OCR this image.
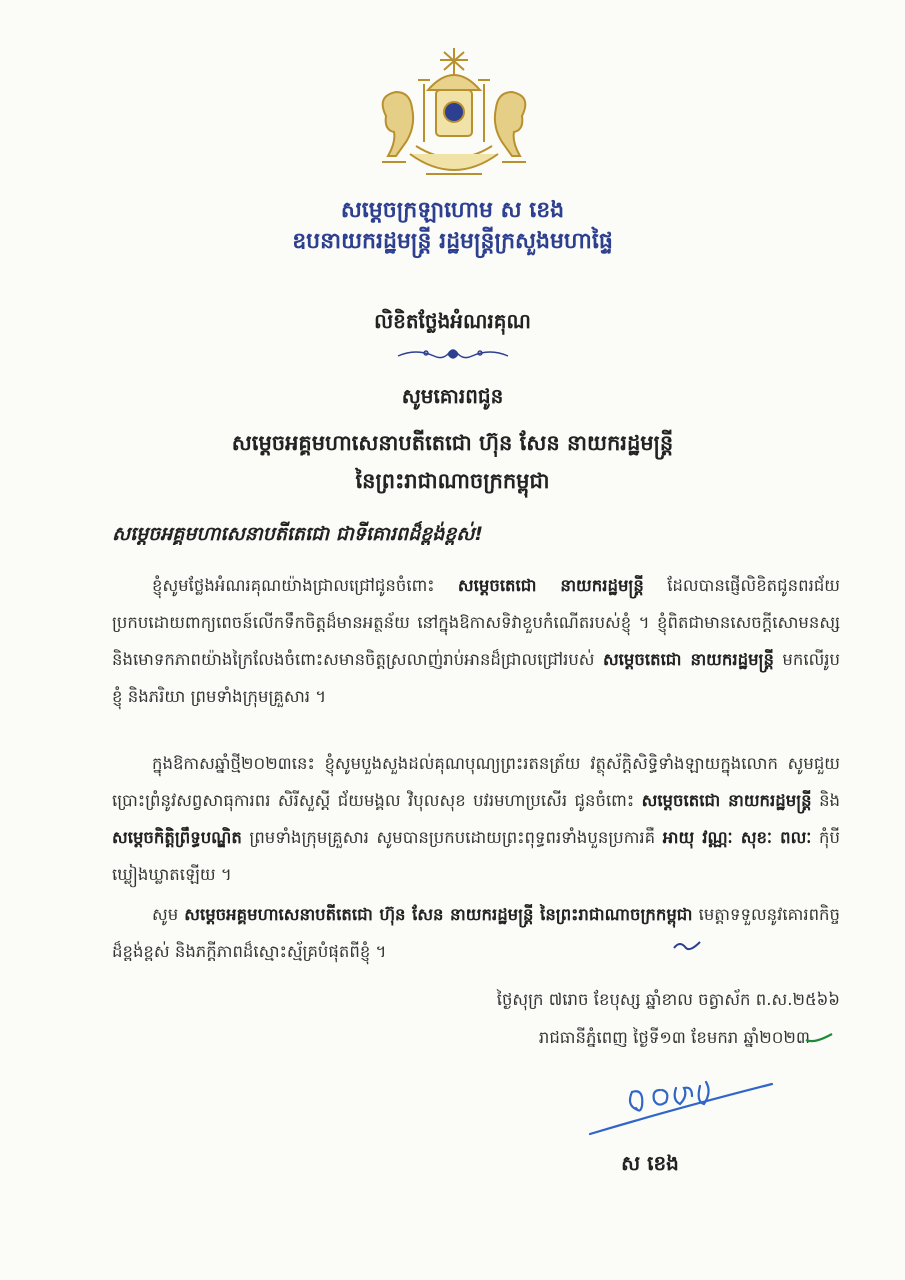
សម្តេចក្រឡាហោម ស ខេង
ឧបនាយករដ្ឋមន្ត្រី រដ្ឋមន្ត្រីក្រសួងមហាផ្ទៃ
លិខិតថ្លែងអំណរគុណ
សូមគោរពជូន
សម្តេចអគ្គមហាសេនាបតីតេជោ ហ៊ុន សែន នាយករដ្ឋមន្ត្រី
នៃព្រះរាជាណាចក្រកម្ពុជា
សម្តេចអគ្គមហាសេនាបតីតេជោ ជាទីគោរពដ៏ខ្ពង់ខ្ពស់!
ខ្ញុំសូមថ្លែងអំណរគុណយ៉ាងជ្រាលជ្រៅជូនចំពោះ សម្តេចតេជោ នាយករដ្ឋមន្ត្រី ដែលបានផ្ញើលិខិតជូនពរជ័យ ប្រកបដោយពាក្យពេចន៍លើកទឹកចិត្តដ៏មានអត្ថន័យ នៅក្នុងឱកាសទិវាខួបកំណើតរបស់ខ្ញុំ ។ ខ្ញុំពិតជាមានសេចក្តីសោមនស្ស និងមោទកភាពយ៉ាងក្រៃលែងចំពោះសមានចិត្តស្រលាញ់រាប់អានដ៏ជ្រាលជ្រៅរបស់ សម្តេចតេជោ នាយករដ្ឋមន្ត្រី មកលើរូបខ្ញុំ និងភរិយា ព្រមទាំងក្រុមគ្រួសារ ។
ក្នុងឱកាសឆ្នាំថ្មី២០២៣នេះ ខ្ញុំសូមបួងសួងដល់គុណបុណ្យព្រះរតនត្រ័យ វត្ថុស័ក្តិសិទ្ធិទាំងឡាយក្នុងលោក សូមជួយប្រោះព្រំនូវសព្វសាធុការពរ សិរីសួស្តី ជ័យមង្គល វិបុលសុខ បវរមហាប្រសើរ ជូនចំពោះ សម្តេចតេជោ នាយករដ្ឋមន្ត្រី និង សម្តេចកិត្តិព្រឹទ្ធបណ្ឌិត ព្រមទាំងក្រុមគ្រួសារ សូមបានប្រកបដោយព្រះពុទ្ធពរទាំងបួនប្រការគឺ អាយុ វណ្ណៈ សុខៈ ពលៈ កុំបីឃ្លៀងឃ្លាតឡើយ ។
សូម សម្តេចអគ្គមហាសេនាបតីតេជោ ហ៊ុន សែន នាយករដ្ឋមន្ត្រី នៃព្រះរាជាណាចក្រកម្ពុជា មេត្តាទទួលនូវគោរពកិច្ចដ៏ខ្ពង់ខ្ពស់ និងភក្តីភាពដ៏ស្មោះស្ម័គ្របំផុតពីខ្ញុំ ។
ថ្ងៃសុក្រ ៧រោច ខែបុស្ស ឆ្នាំខាល ចត្វាស័ក ព.ស.២៥៦៦
រាជធានីភ្នំពេញ ថ្ងៃទី១៣ ខែមករា ឆ្នាំ២០២៣
ស ខេង
